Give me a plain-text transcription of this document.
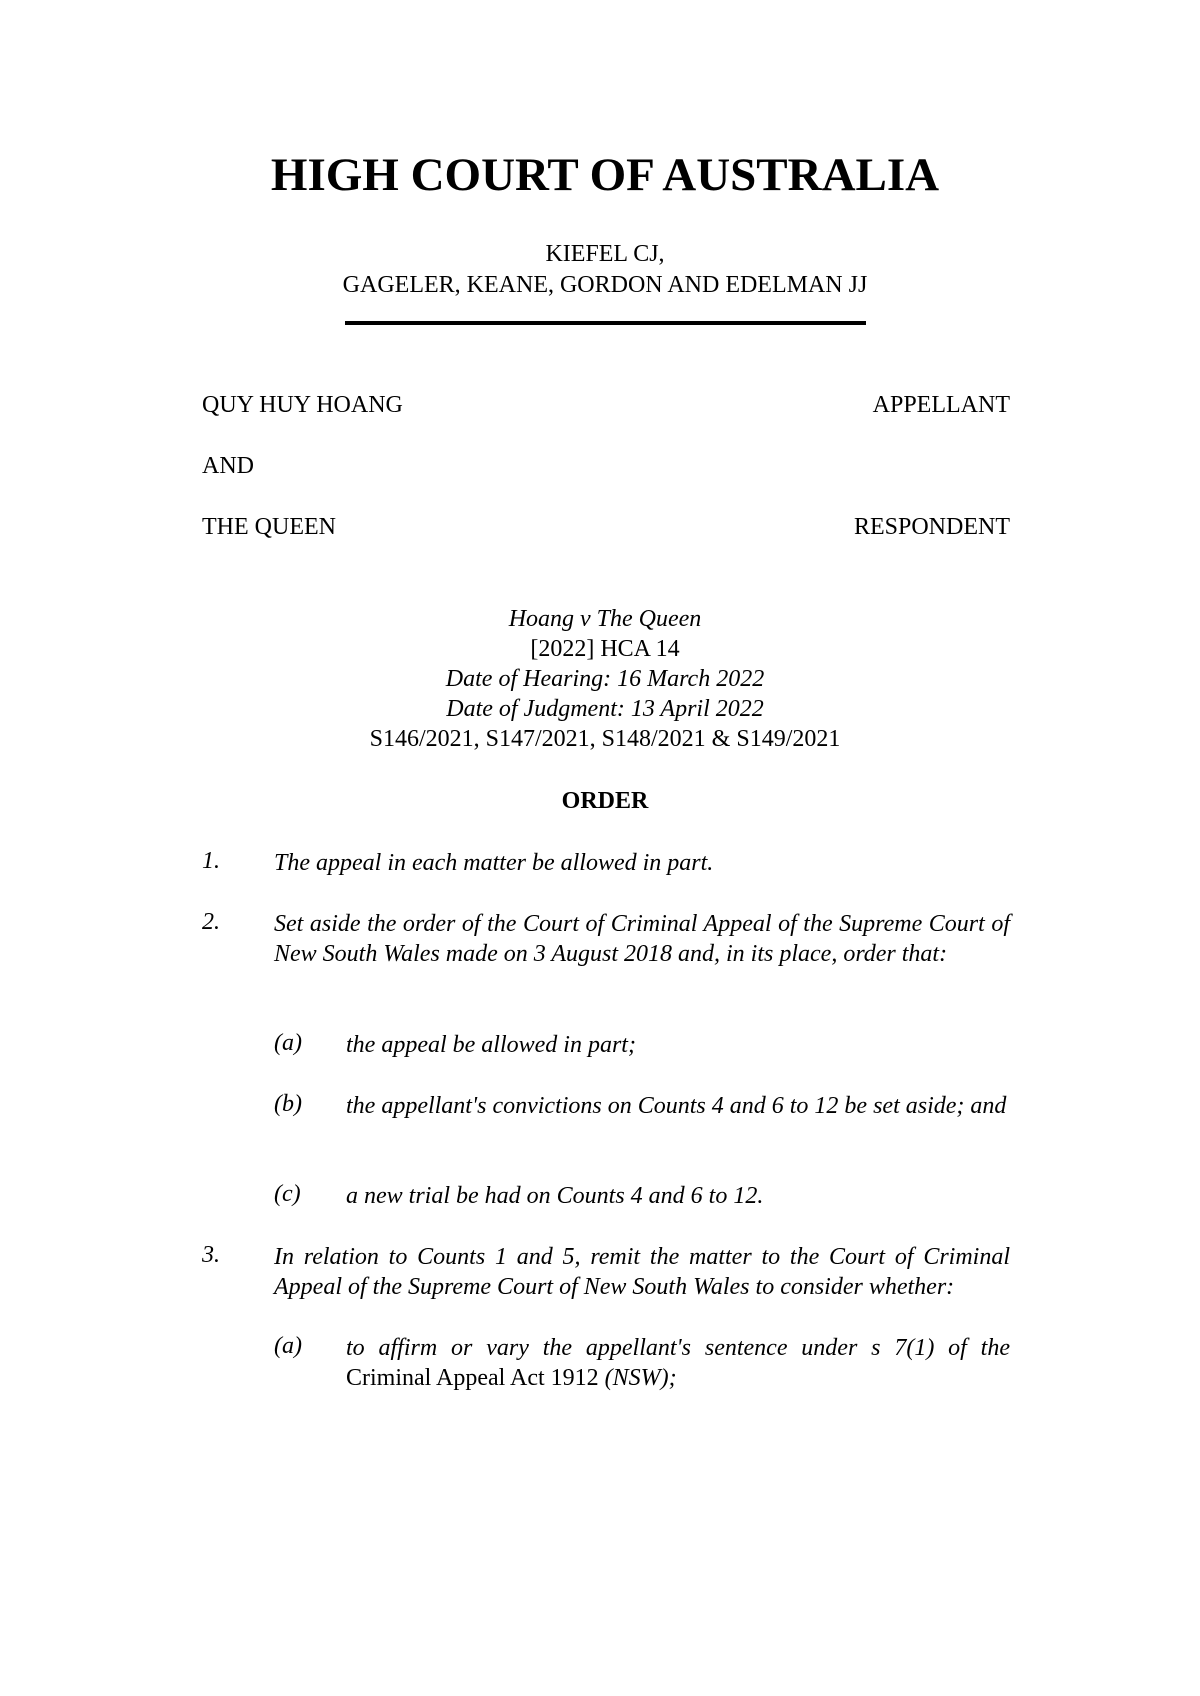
HIGH COURT OF AUSTRALIA
KIEFEL CJ,
GAGELER, KEANE, GORDON AND EDELMAN JJ
QUY HUY HOANG	APPELLANT
AND
THE QUEEN	RESPONDENT
Hoang v The Queen
[2022] HCA 14
Date of Hearing: 16 March 2022
Date of Judgment: 13 April 2022
S146/2021, S147/2021, S148/2021 & S149/2021
ORDER
1. The appeal in each matter be allowed in part.
2. Set aside the order of the Court of Criminal Appeal of the Supreme Court of New South Wales made on 3 August 2018 and, in its place, order that:
(a) the appeal be allowed in part;
(b) the appellant's convictions on Counts 4 and 6 to 12 be set aside; and
(c) a new trial be had on Counts 4 and 6 to 12.
3. In relation to Counts 1 and 5, remit the matter to the Court of Criminal Appeal of the Supreme Court of New South Wales to consider whether:
(a) to affirm or vary the appellant's sentence under s 7(1) of the Criminal Appeal Act 1912 (NSW);
